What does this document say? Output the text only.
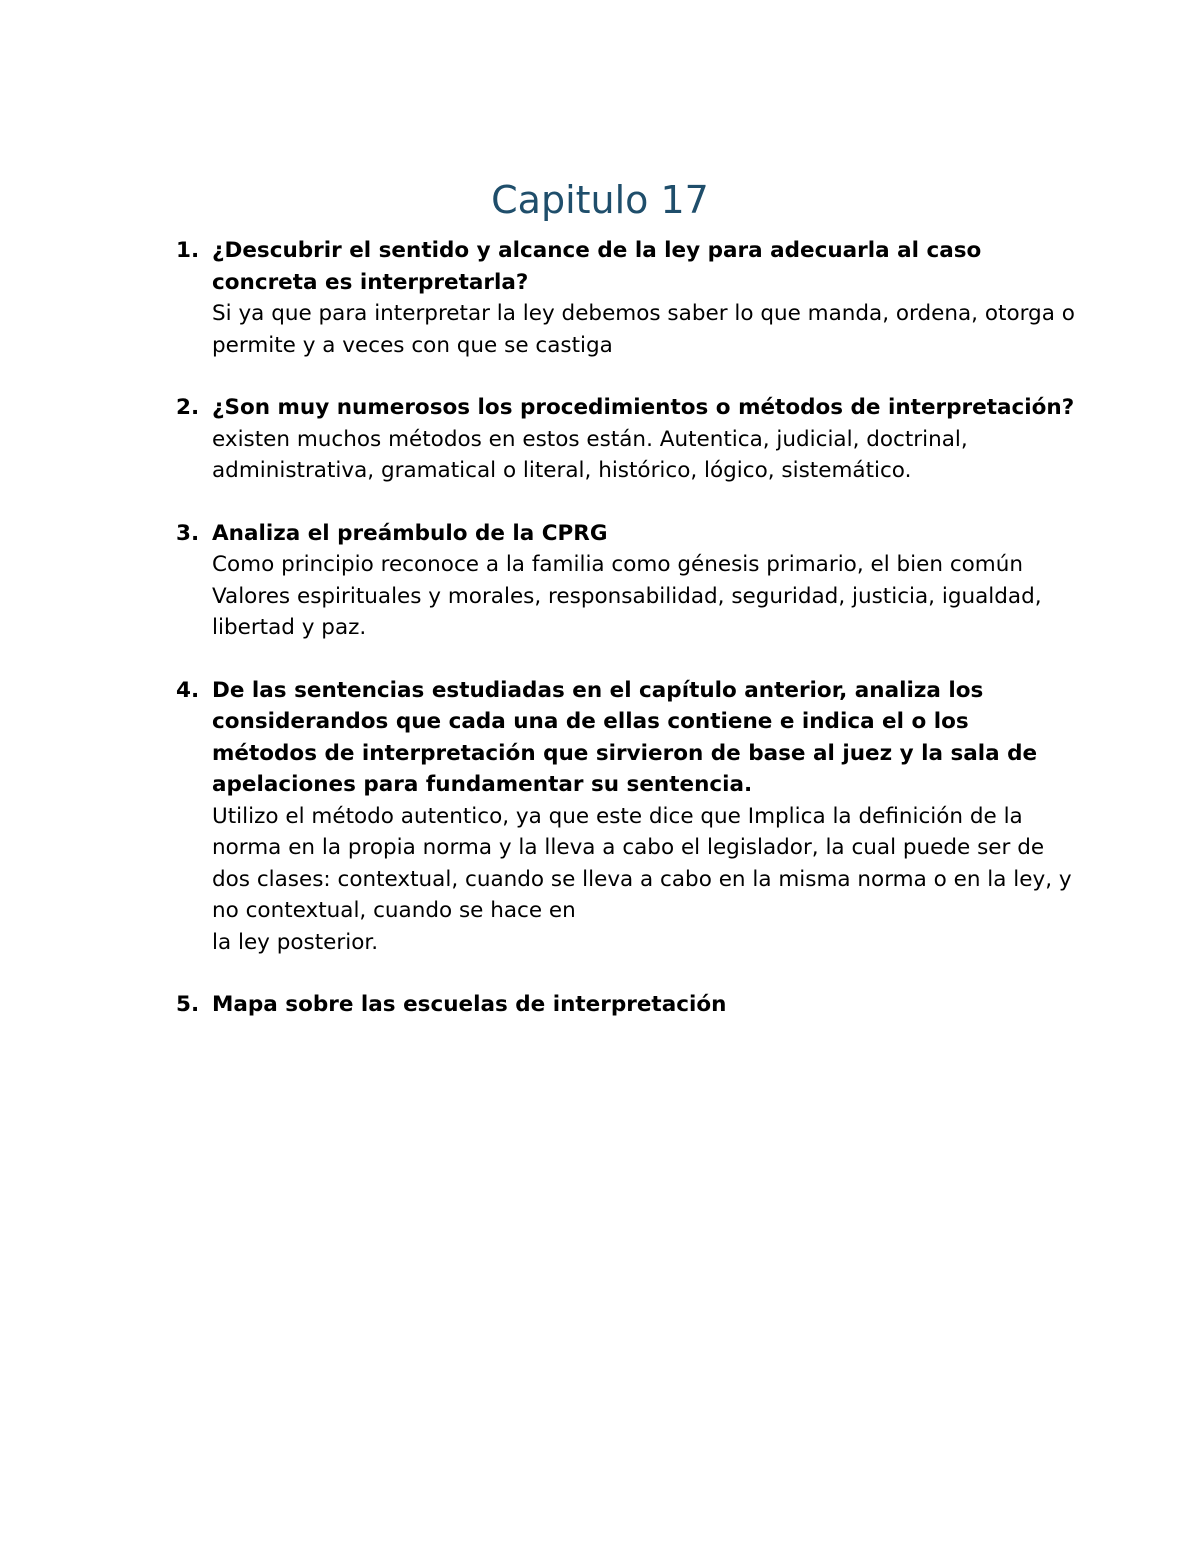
Capitulo 17
1. ¿Descubrir el sentido y alcance de la ley para adecuarla al caso concreta es interpretarla?
Si ya que para interpretar la ley debemos saber lo que manda, ordena, otorga o permite y a veces con que se castiga
2. ¿Son muy numerosos los procedimientos o métodos de interpretación?
existen muchos métodos en estos están. Autentica, judicial, doctrinal, administrativa, gramatical o literal, histórico, lógico, sistemático.
3. Analiza el preámbulo de la CPRG
Como principio reconoce a la familia como génesis primario, el bien común
Valores espirituales y morales, responsabilidad, seguridad, justicia, igualdad, libertad y paz.
4. De las sentencias estudiadas en el capítulo anterior, analiza los considerandos que cada una de ellas contiene e indica el o los métodos de interpretación que sirvieron de base al juez y la sala de apelaciones para fundamentar su sentencia.
Utilizo el método autentico, ya que este dice que Implica la definición de la norma en la propia norma y la lleva a cabo el legislador, la cual puede ser de dos clases: contextual, cuando se lleva a cabo en la misma norma o en la ley, y no contextual, cuando se hace en
la ley posterior.
5. Mapa sobre las escuelas de interpretación
